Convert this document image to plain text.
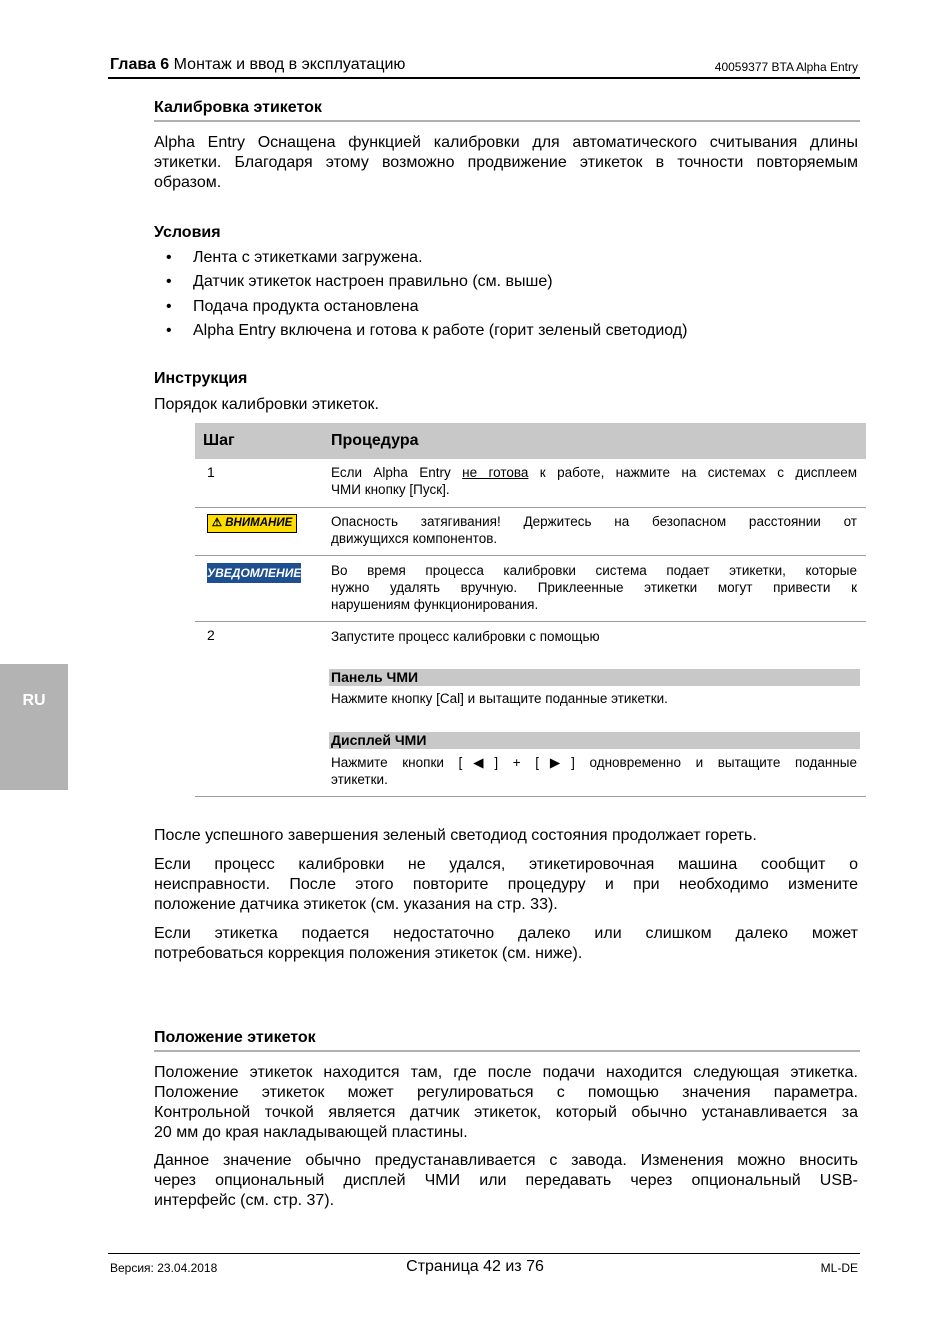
Глава 6 Монтаж и ввод в эксплуатацию	40059377 BTA Alpha Entry
RU
Калибровка этикеток
Alpha Entry Оснащена функцией калибровки для автоматического считывания длины
этикетки. Благодаря этому возможно продвижение этикеток в точности повторяемым
образом.
Условия
• Лента с этикетками загружена.
• Датчик этикеток настроен правильно (см. выше)
• Подача продукта остановлена
• Alpha Entry включена и готова к работе (горит зеленый светодиод)
Инструкция
Порядок калибровки этикеток.
Шаг	Процедура
1	Если Alpha Entry не готова к работе, нажмите на системах с дисплеем
ЧМИ кнопку [Пуск].
⚠ ВНИМАНИЕ	Опасность затягивания! Держитесь на безопасном расстоянии от
движущихся компонентов.
УВЕДОМЛЕНИЕ Во время процесса калибровки система подает этикетки, которые
нужно удалять вручную. Приклеенные этикетки могут привести к
нарушениям функционирования.
2	Запустите процесс калибровки с помощью
Панель ЧМИ
Нажмите кнопку [Cal] и вытащите поданные этикетки.
Дисплей ЧМИ
Нажмите кнопки [◀] + [▶] одновременно и вытащите поданные
этикетки.
После успешного завершения зеленый светодиод состояния продолжает гореть.
Если процесс калибровки не удался, этикетировочная машина сообщит о
неисправности. После этого повторите процедуру и при необходимо измените
положение датчика этикеток (см. указания на стр. 33).
Если этикетка подается недостаточно далеко или слишком далеко может
потребоваться коррекция положения этикеток (см. ниже).
Положение этикеток
Положение этикеток находится там, где после подачи находится следующая этикетка.
Положение этикеток может регулироваться с помощью значения параметра.
Контрольной точкой является датчик этикеток, который обычно устанавливается за
20 мм до края накладывающей пластины.
Данное значение обычно предустанавливается с завода. Изменения можно вносить
через опциональный дисплей ЧМИ или передавать через опциональный USB-
интерфейс (см. стр. 37).
Версия: 23.04.2018	Страница 42 из 76	ML-DE
